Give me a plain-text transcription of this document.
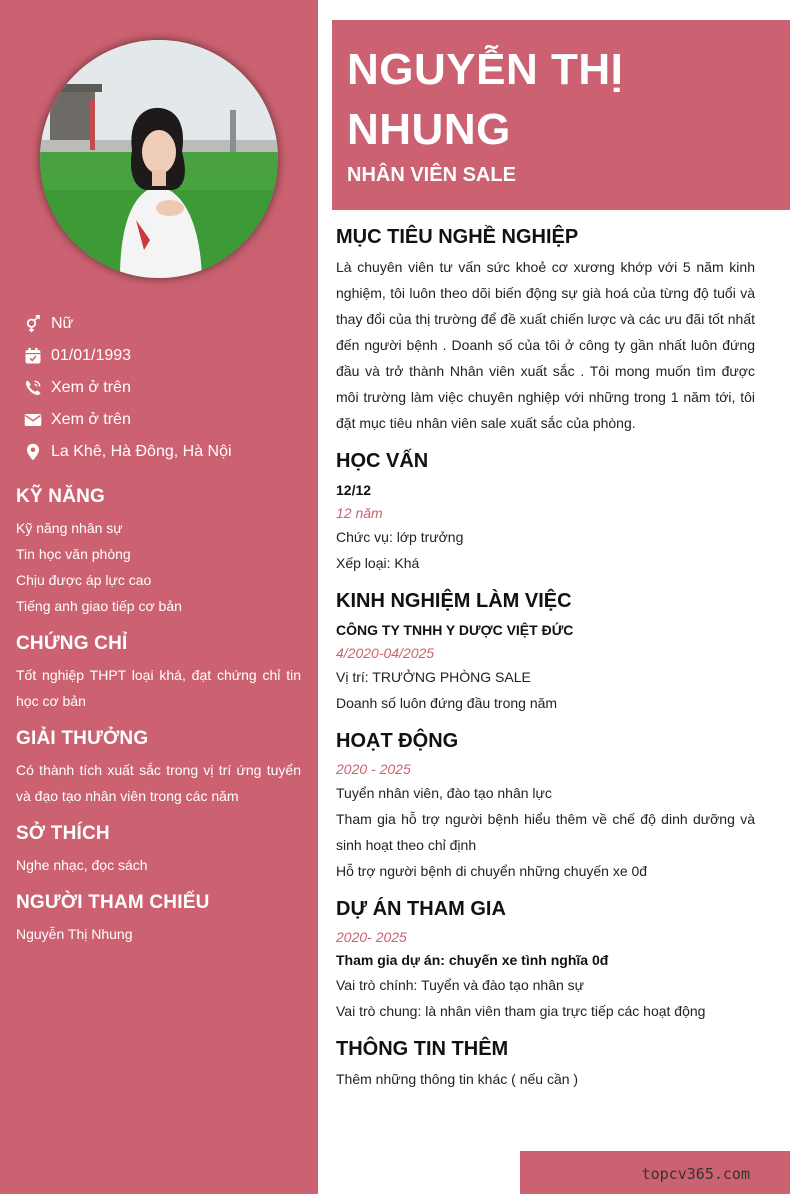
Nữ
01/01/1993
Xem ở trên
Xem ở trên
La Khê, Hà Đông, Hà Nội
KỸ NĂNG
Kỹ năng nhân sự
Tin học văn phòng
Chịu được áp lực cao
Tiếng anh giao tiếp cơ bản
CHỨNG CHỈ
Tốt nghiệp THPT loại khá, đạt chứng chỉ tin học cơ bản
GIẢI THƯỞNG
Có thành tích xuất sắc trong vị trí ứng tuyển và đạo tạo nhân viên trong các năm
SỞ THÍCH
Nghe nhạc, đọc sách
NGƯỜI THAM CHIẾU
Nguyễn Thị Nhung
NGUYỄN THỊ NHUNG
NHÂN VIÊN SALE
MỤC TIÊU NGHỀ NGHIỆP
Là chuyên viên tư vấn sức khoẻ cơ xương khớp với 5 năm kinh nghiệm, tôi luôn theo dõi biến động sự già hoá của từng độ tuổi và thay đổi của thị trường để đề xuất chiến lược và các ưu đãi tốt nhất đến người bệnh . Doanh số của tôi ở công ty gần nhất luôn đứng đầu và trở thành Nhân viên xuất sắc . Tôi mong muốn tìm được môi trường làm việc chuyên nghiệp với những trong 1 năm tới, tôi đặt mục tiêu nhân viên sale xuất sắc của phòng.
HỌC VẤN
12/12
12 năm
Chức vụ: lớp trưởng
Xếp loại: Khá
KINH NGHIỆM LÀM VIỆC
CÔNG TY TNHH Y DƯỢC VIỆT ĐỨC
4/2020-04/2025
Vị trí: TRƯỞNG PHÒNG SALE
Doanh số luôn đứng đầu trong năm
HOẠT ĐỘNG
2020 - 2025
Tuyển nhân viên, đào tạo nhân lực
Tham gia hỗ trợ người bệnh hiểu thêm về chế độ dinh dưỡng và sinh hoạt theo chỉ định
Hỗ trợ người bệnh di chuyển những chuyến xe 0đ
DỰ ÁN THAM GIA
2020- 2025
Tham gia dự án: chuyến xe tình nghĩa 0đ
Vai trò chính: Tuyển và đào tạo nhân sự
Vai trò chung: là nhân viên tham gia trực tiếp các hoạt động
THÔNG TIN THÊM
Thêm những thông tin khác ( nếu cần )
topcv365.com
